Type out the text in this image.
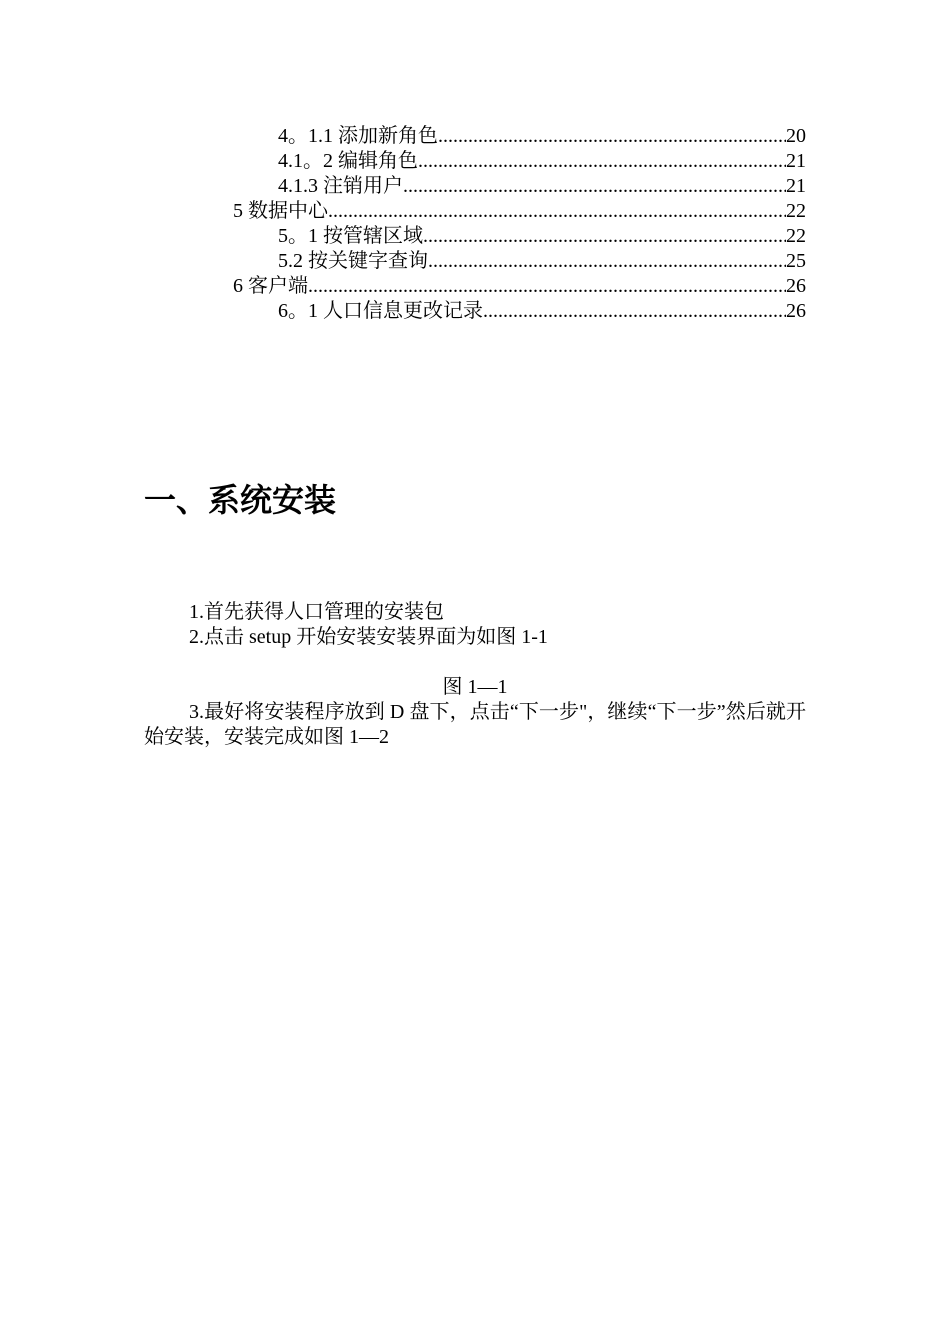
4。1.1 添加新角色 .....	20
4.1。2 编辑角色 .....	21
4.1.3 注销用户 .....	21
5 数据中心 .....	22
5。1 按管辖区域 .....	22
5.2 按关键字查询 .....	25
6 客户端 .....	26
6。1 人口信息更改记录 .....	26
一、系统安装

1.首先获得人口管理的安装包

2.点击 setup 开始安装安装界面为如图 1-1

图 1—1

3.最好将安装程序放到 D 盘下，点击“下一步"，继续“下一步”然后就开始安装，安装完成如图 1—2
